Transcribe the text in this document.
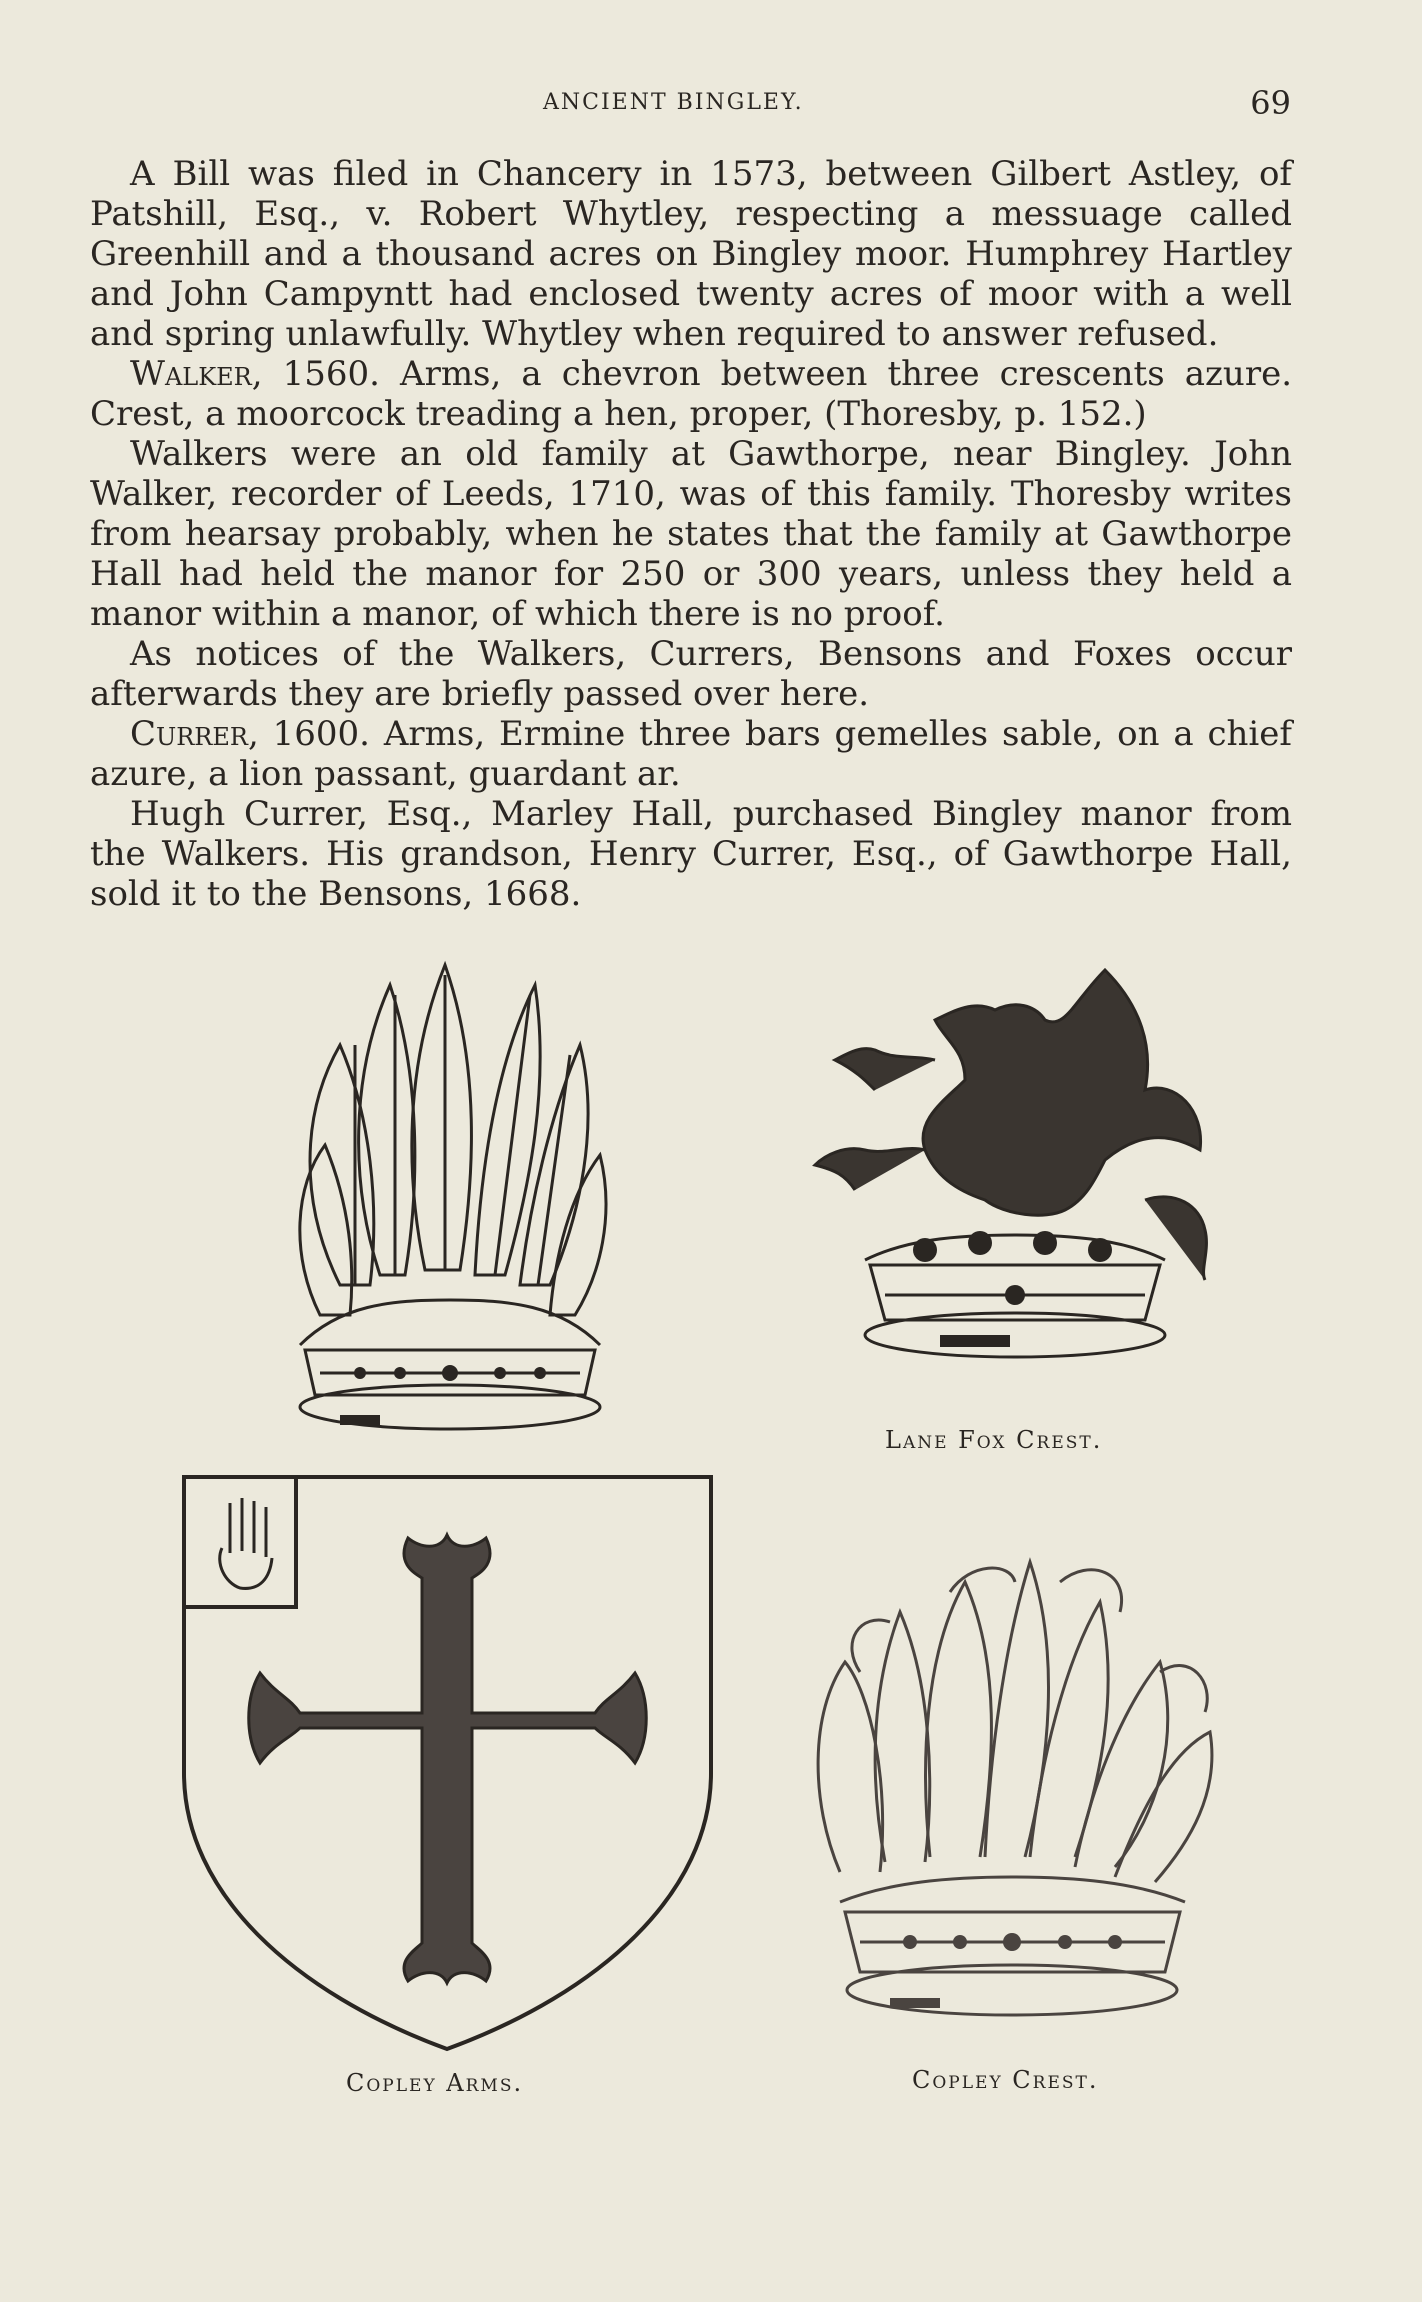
ANCIENT BINGLEY.	69

A Bill was filed in Chancery in 1573, between Gilbert Astley, of Patshill, Esq., v. Robert Whytley, respecting a messuage called Greenhill and a thousand acres on Bingley moor. Humphrey Hartley and John Campyntt had enclosed twenty acres of moor with a well and spring unlawfully. Whytley when required to answer refused.

Walker, 1560. Arms, a chevron between three crescents azure. Crest, a moorcock treading a hen, proper, (Thoresby, p. 152.)

Walkers were an old family at Gawthorpe, near Bingley. John Walker, recorder of Leeds, 1710, was of this family. Thoresby writes from hearsay probably, when he states that the family at Gawthorpe Hall had held the manor for 250 or 300 years, unless they held a manor within a manor, of which there is no proof.

As notices of the Walkers, Currers, Bensons and Foxes occur afterwards they are briefly passed over here.

Currer, 1600. Arms, Ermine three bars gemelles sable, on a chief azure, a lion passant, guardant ar.

Hugh Currer, Esq., Marley Hall, purchased Bingley manor from the Walkers. His grandson, Henry Currer, Esq., of Gawthorpe Hall, sold it to the Bensons, 1668.

Lane Fox Crest.
Copley Arms.	Copley Crest.
